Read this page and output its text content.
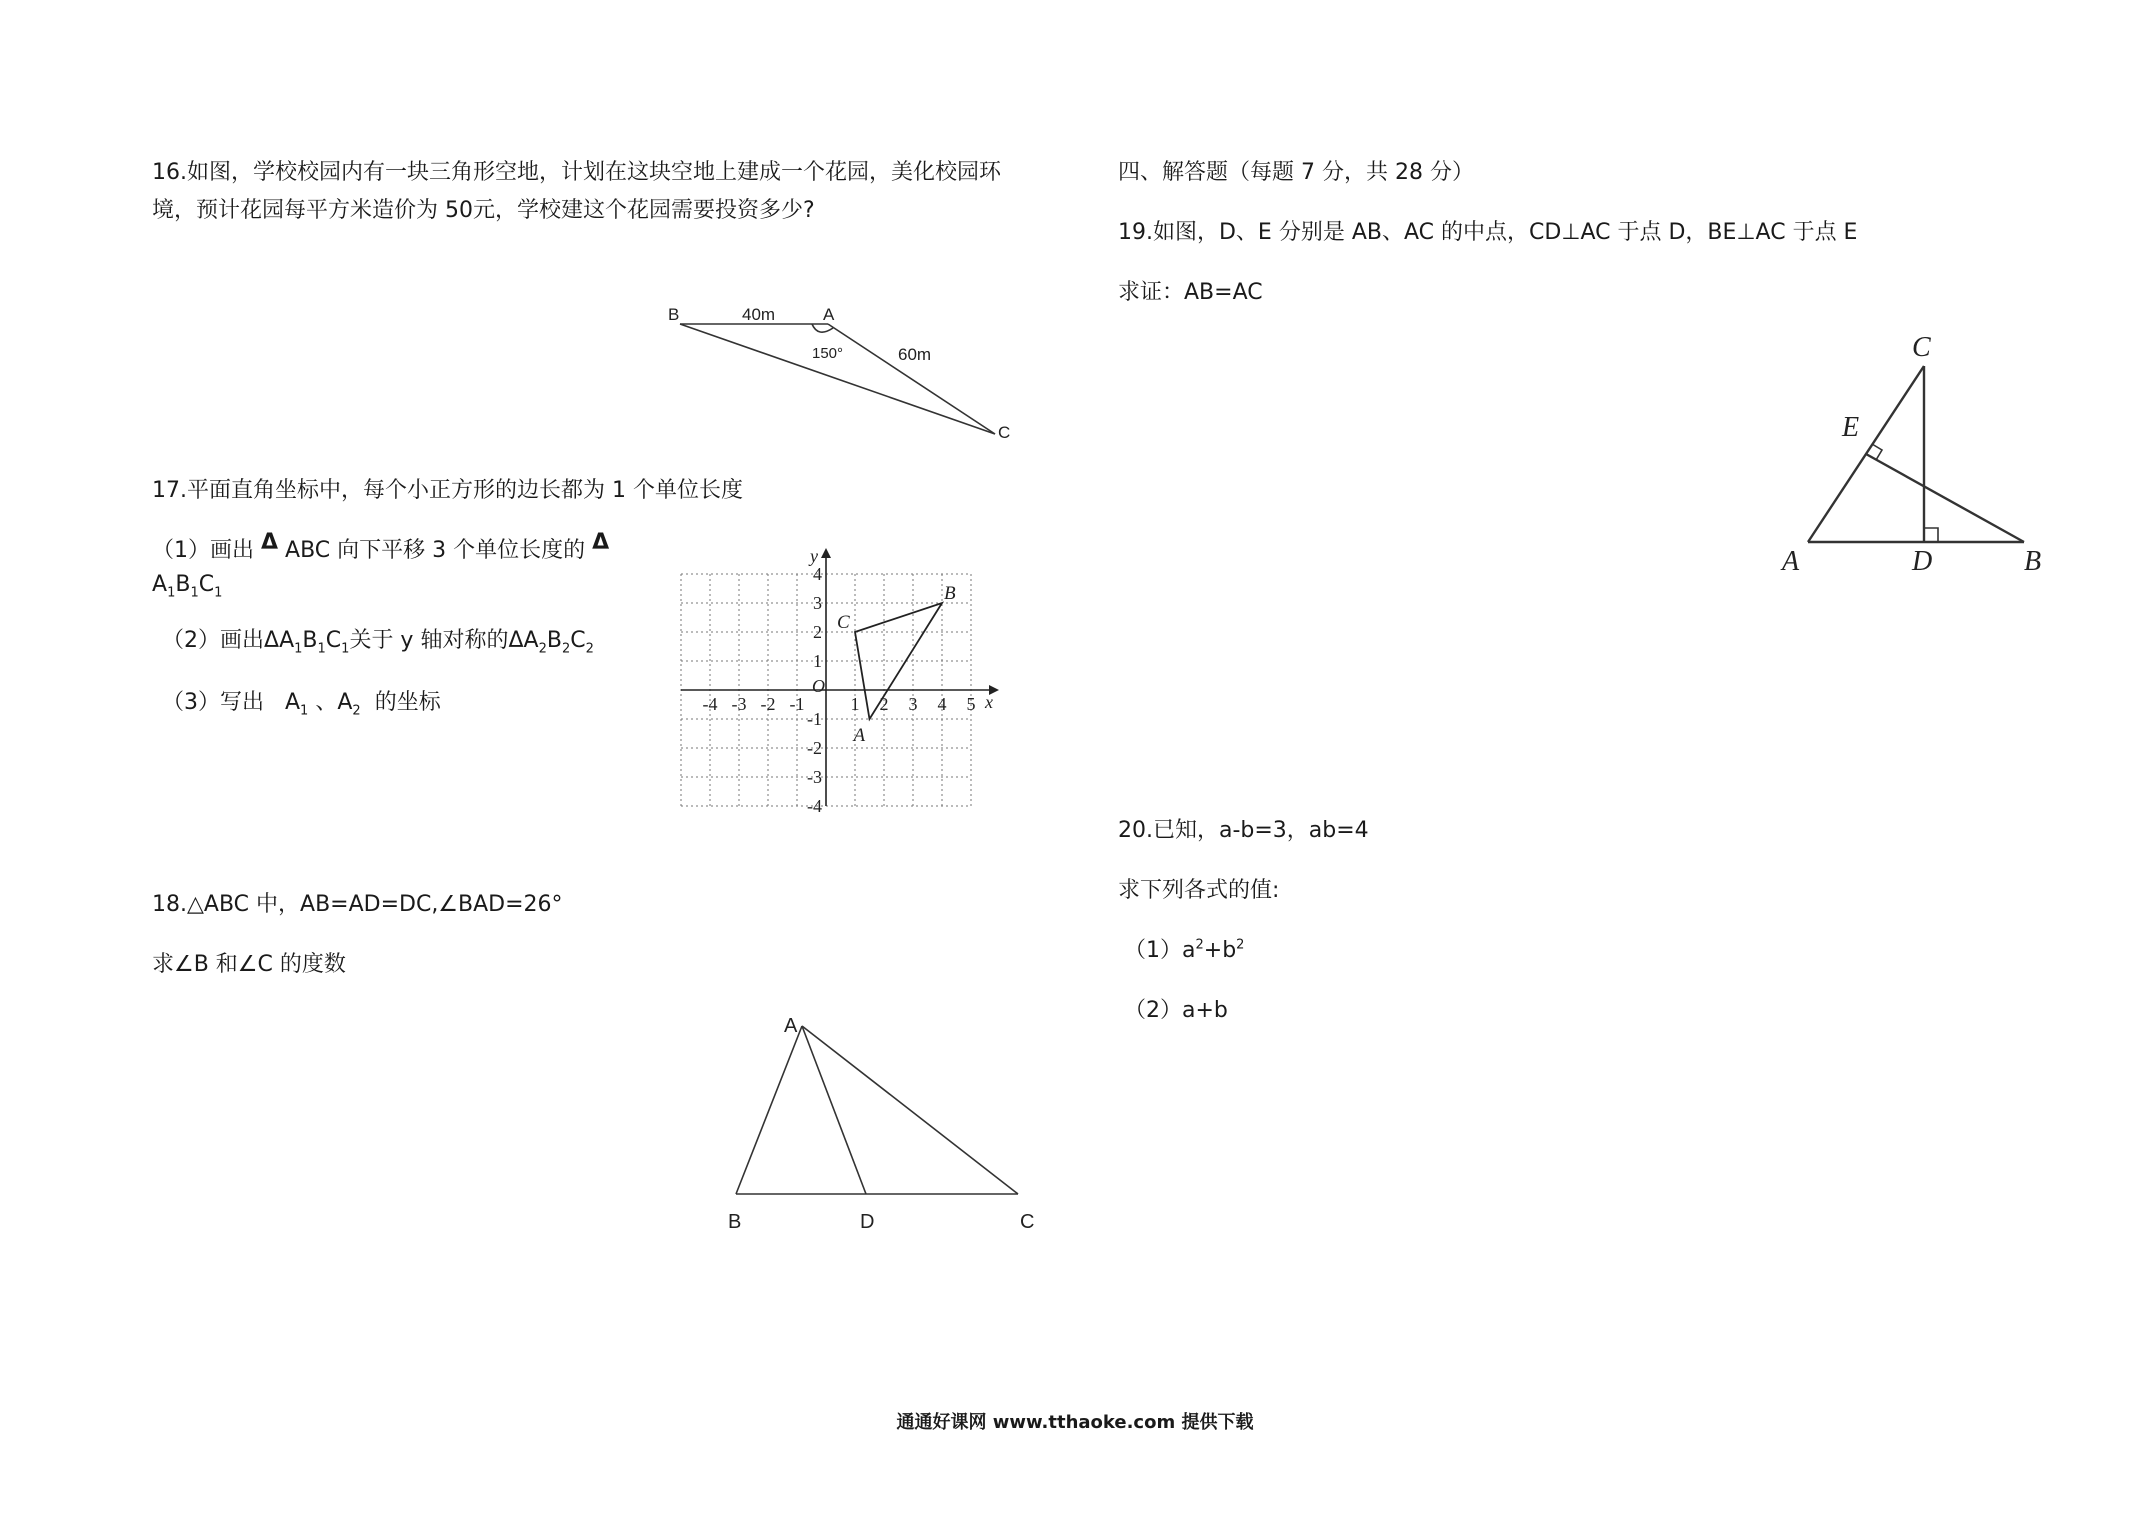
16.如图，学校校园内有一块三角形空地，计划在这块空地上建成一个花园，美化校园环
境，预计花园每平方米造价为 50元，学校建这个花园需要投资多少?
B	A
C
40m
60m
150°
17.平面直角坐标中，每个小正方形的边长都为 1 个单位长度
（1）画出 Δ ABC 向下平移 3 个单位长度的 Δ
$A_1B_1C_1$
（2）画出$\Delta A_1B_1C_1$关于 y 轴对称的$\Delta A_2B_2C_2$
（3）写出 $A_1$ 、$A_2$ 的坐标	x
y
O
-4 -3 -2 -1	1 2 3 4 5
4
3
2
1
-1
-2
-3
-4
A
B
C
18.△ABC 中，AB=AD=DC,∠BAD=26°
求∠B 和∠C 的度数
A
B	D	C
四、解答题（每题 7 分，共 28 分）
19.如图，D、E 分别是 AB、AC 的中点，CD⊥AC 于点 D，BE⊥AC 于点 E
求证：AB=AC
C
E
A	D	B
20.已知，a-b=3，ab=4
求下列各式的值:
$(1)a^2+b^2$
（2）a+b
通通好课网 www.tthaoke.com 提供下载
